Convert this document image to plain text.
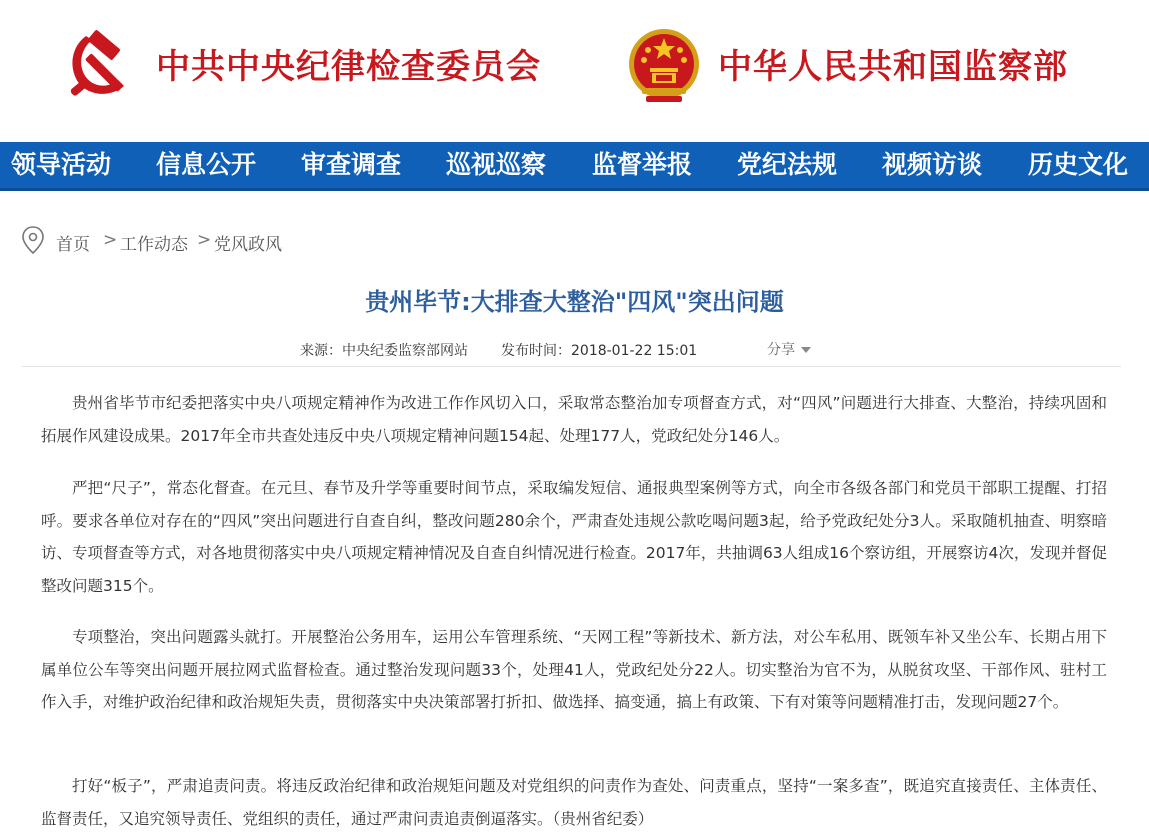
中共中央纪律检查委员会	中华人民共和国监察部
领导活动 信息公开 审查调查 巡视巡察 监督举报 党纪法规 视频访谈 历史文化
首页 > 工作动态 > 党风政风
贵州毕节:大排查大整治"四风"突出问题
来源：中央纪委监察部网站 发布时间：2018-01-22 15:01	分享

贵州省毕节市纪委把落实中央八项规定精神作为改进工作作风切入口，采取常态整治加专项督查方式，对“四风”问题进行大排查、大整治，持续巩固和拓展作风建设成果。2017年全市共查处违反中央八项规定精神问题154起、处理177人，党政纪处分146人。

严把“尺子”，常态化督查。在元旦、春节及升学等重要时间节点，采取编发短信、通报典型案例等方式，向全市各级各部门和党员干部职工提醒、打招呼。要求各单位对存在的“四风”突出问题进行自查自纠，整改问题280余个，严肃查处违规公款吃喝问题3起，给予党政纪处分3人。采取随机抽查、明察暗访、专项督查等方式，对各地贯彻落实中央八项规定精神情况及自查自纠情况进行检查。2017年，共抽调63人组成16个察访组，开展察访4次，发现并督促整改问题315个。

专项整治，突出问题露头就打。开展整治公务用车，运用公车管理系统、“天网工程”等新技术、新方法，对公车私用、既领车补又坐公车、长期占用下属单位公车等突出问题开展拉网式监督检查。通过整治发现问题33个，处理41人，党政纪处分22人。切实整治为官不为，从脱贫攻坚、干部作风、驻村工作入手，对维护政治纪律和政治规矩失责，贯彻落实中央决策部署打折扣、做选择、搞变通，搞上有政策、下有对策等问题精准打击，发现问题27个。

打好“板子”，严肃追责问责。将违反政治纪律和政治规矩问题及对党组织的问责作为查处、问责重点，坚持“一案多查”，既追究直接责任、主体责任、监督责任，又追究领导责任、党组织的责任，通过严肃问责追责倒逼落实。（贵州省纪委）
